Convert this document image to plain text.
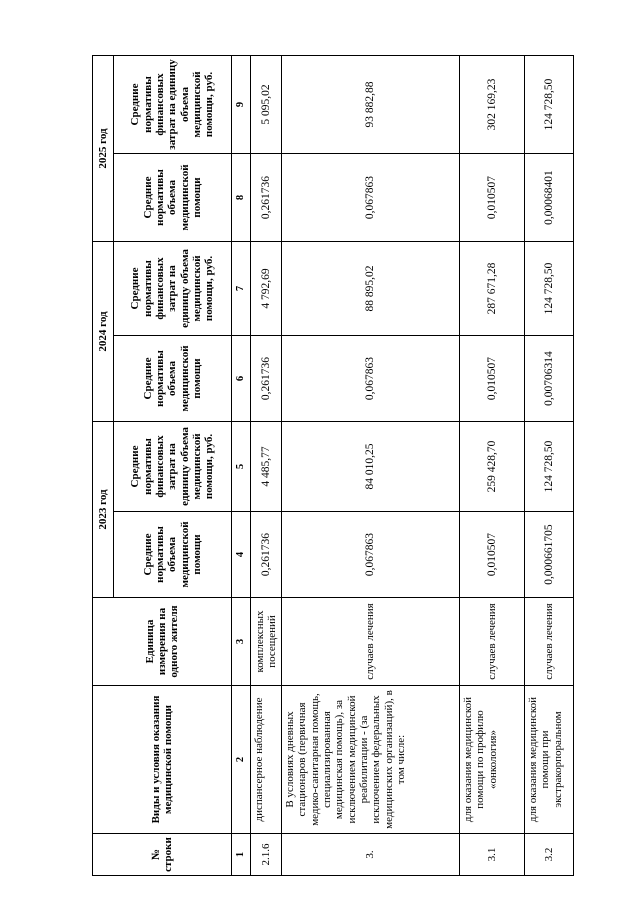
№ строки	Виды и условия оказания медицинской помощи	Единица измерения на одного жителя	2023 год		2024 год		2025 год	
			Средние нормативы объема медицинской помощи	Средние нормативы финансовых затрат на единицу объема медицинской помощи, руб.	Средние нормативы объема медицинской помощи	Средние нормативы финансовых затрат на единицу объема медицинской помощи, руб.	Средние нормативы объема медицинской помощи	Средние нормативы финансовых затрат на единицу объема медицинской помощи, руб.
1	2	3	4	5	6	7	8	9
2.1.6	диспансерное наблюдение	комплексных посещений	0,261736	4 485,77	0,261736	4 792,69	0,261736	5 095,02
3.	В условиях дневных стационаров (первичная медико-санитарная помощь, специализированная медицинская помощь), за исключением медицинской реабилитации - (за исключением федеральных медицинских организаций), в том числе:	случаев лечения	0,067863	84 010,25	0,067863	88 895,02	0,067863	93 882,88
3.1	для оказания медицинской помощи по профилю «онкология»	случаев лечения	0,010507	259 428,70	0,010507	287 671,28	0,010507	302 169,23
3.2	для оказания медицинской помощи при экстракорпоральном	случаев лечения	0,000661705	124 728,50	0,00706314	124 728,50	0,00068401	124 728,50
